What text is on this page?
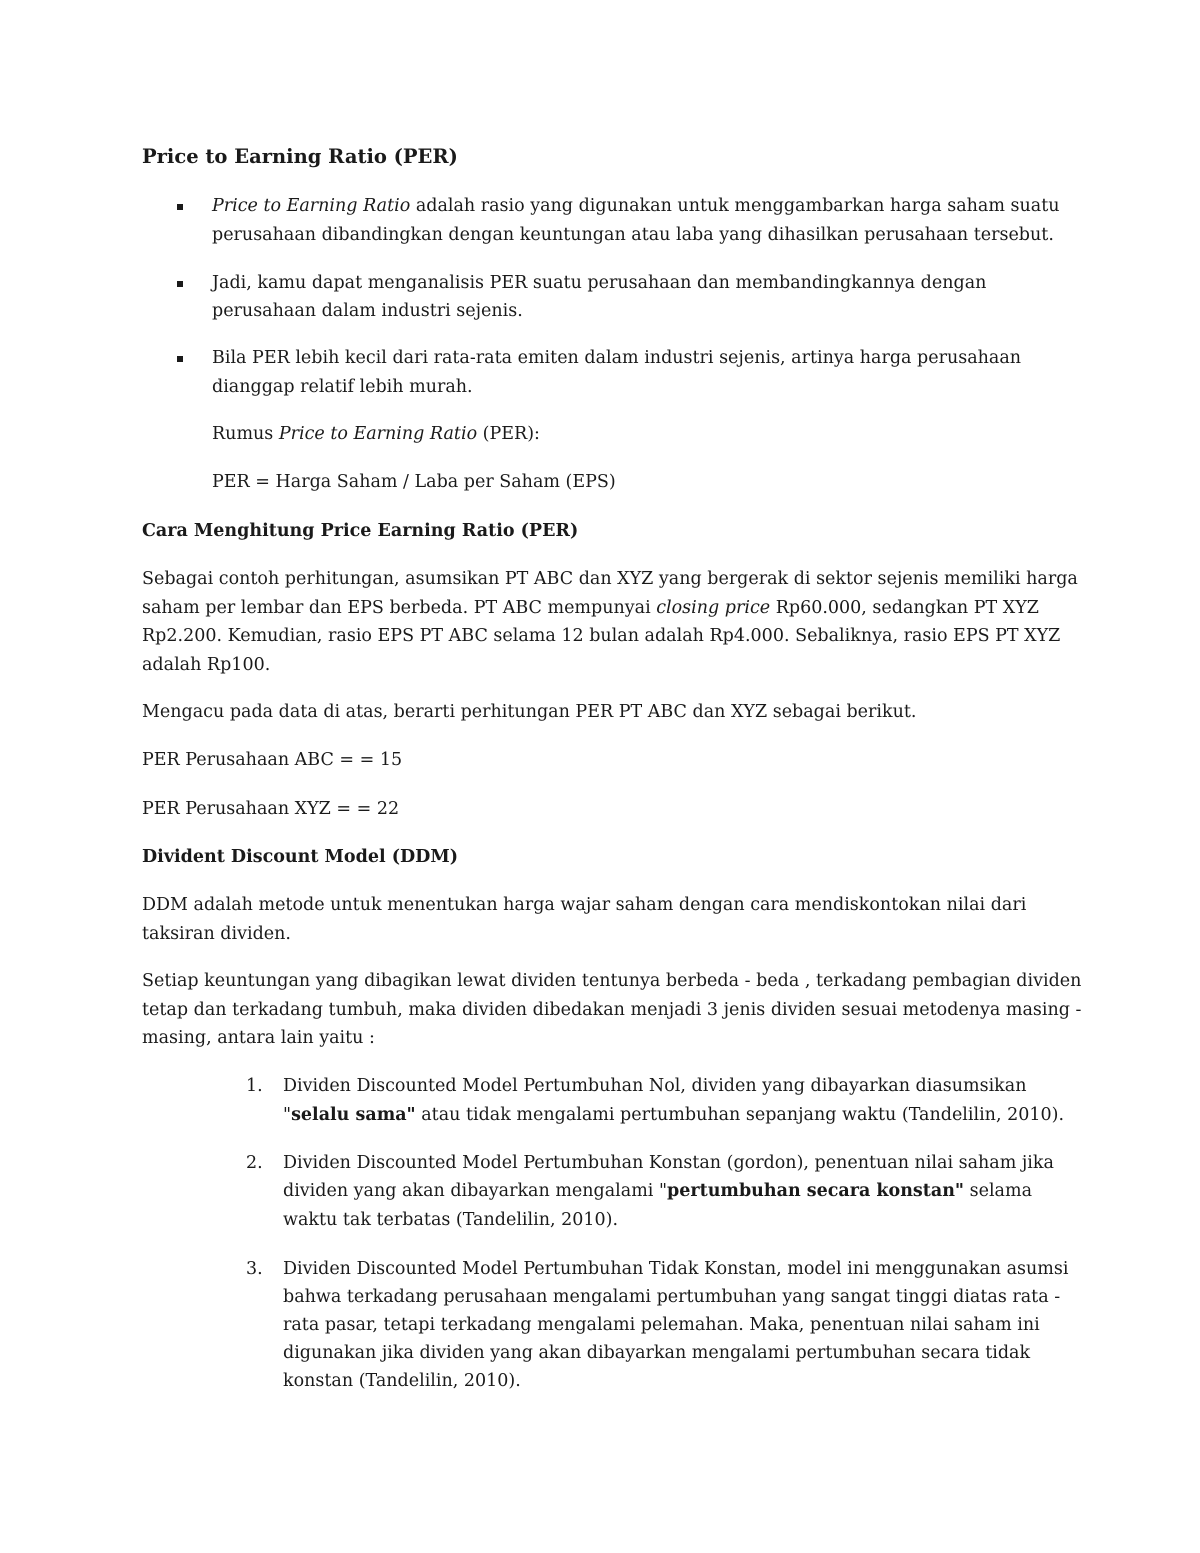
Price to Earning Ratio (PER)
Price to Earning Ratio adalah rasio yang digunakan untuk menggambarkan harga saham suatu
perusahaan dibandingkan dengan keuntungan atau laba yang dihasilkan perusahaan tersebut.
Jadi, kamu dapat menganalisis PER suatu perusahaan dan membandingkannya dengan
perusahaan dalam industri sejenis.
Bila PER lebih kecil dari rata-rata emiten dalam industri sejenis, artinya harga perusahaan
dianggap relatif lebih murah.
Rumus Price to Earning Ratio (PER):
PER = Harga Saham / Laba per Saham (EPS)
Cara Menghitung Price Earning Ratio (PER)
Sebagai contoh perhitungan, asumsikan PT ABC dan XYZ yang bergerak di sektor sejenis memiliki harga
saham per lembar dan EPS berbeda. PT ABC mempunyai closing price Rp60.000, sedangkan PT XYZ
Rp2.200. Kemudian, rasio EPS PT ABC selama 12 bulan adalah Rp4.000. Sebaliknya, rasio EPS PT XYZ
adalah Rp100.
Mengacu pada data di atas, berarti perhitungan PER PT ABC dan XYZ sebagai berikut.
PER Perusahaan ABC = = 15
PER Perusahaan XYZ = = 22
Divident Discount Model (DDM)
DDM adalah metode untuk menentukan harga wajar saham dengan cara mendiskontokan nilai dari
taksiran dividen.
Setiap keuntungan yang dibagikan lewat dividen tentunya berbeda - beda , terkadang pembagian dividen
tetap dan terkadang tumbuh, maka dividen dibedakan menjadi 3 jenis dividen sesuai metodenya masing -
masing, antara lain yaitu :
1. Dividen Discounted Model Pertumbuhan Nol, dividen yang dibayarkan diasumsikan
"selalu sama" atau tidak mengalami pertumbuhan sepanjang waktu (Tandelilin, 2010).
2. Dividen Discounted Model Pertumbuhan Konstan (gordon), penentuan nilai saham jika
dividen yang akan dibayarkan mengalami "pertumbuhan secara konstan" selama
waktu tak terbatas (Tandelilin, 2010).
3. Dividen Discounted Model Pertumbuhan Tidak Konstan, model ini menggunakan asumsi
bahwa terkadang perusahaan mengalami pertumbuhan yang sangat tinggi diatas rata -
rata pasar, tetapi terkadang mengalami pelemahan. Maka, penentuan nilai saham ini
digunakan jika dividen yang akan dibayarkan mengalami pertumbuhan secara tidak
konstan (Tandelilin, 2010).
